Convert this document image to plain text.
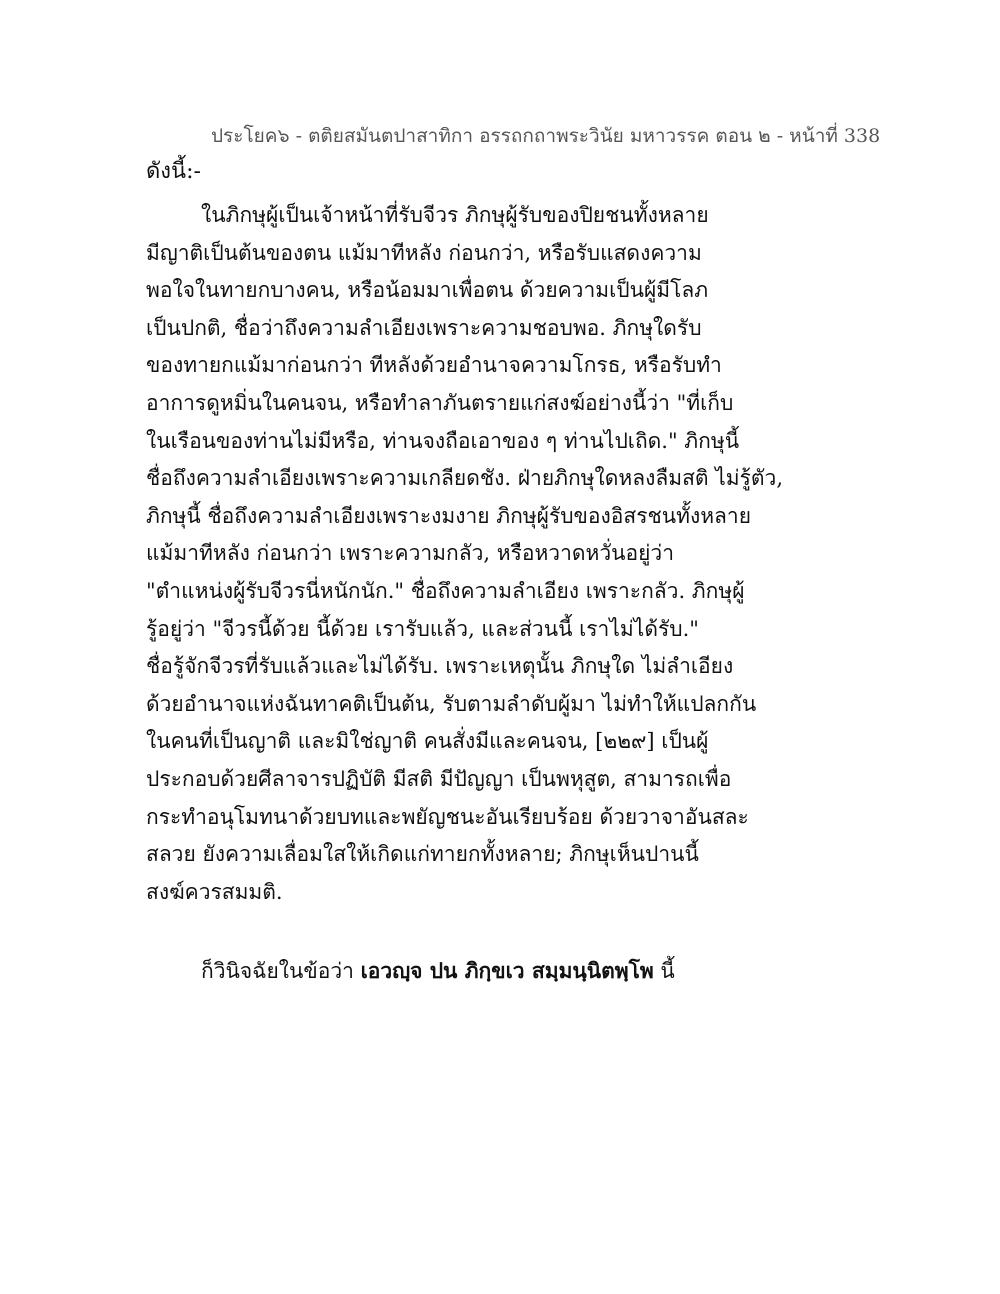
ประโยค๖ - ตติยสมันตปาสาทิกา อรรถกถาพระวินัย มหาวรรค ตอน ๒ - หน้าที่ 338
ดังนี้:-
ในภิกษุผู้เป็นเจ้าหน้าที่รับจีวร ภิกษุผู้รับของปิยชนทั้งหลาย
มีญาติเป็นต้นของตน แม้มาทีหลัง ก่อนกว่า, หรือรับแสดงความ
พอใจในทายกบางคน, หรือน้อมมาเพื่อตน ด้วยความเป็นผู้มีโลภ
เป็นปกติ, ชื่อว่าถึงความลำเอียงเพราะความชอบพอ. ภิกษุใดรับ
ของทายกแม้มาก่อนกว่า ทีหลังด้วยอำนาจความโกรธ, หรือรับทำ
อาการดูหมิ่นในคนจน, หรือทำลาภันตรายแก่สงฆ์อย่างนี้ว่า "ที่เก็บ
ในเรือนของท่านไม่มีหรือ, ท่านจงถือเอาของ ๆ ท่านไปเถิด." ภิกษุนี้
ชื่อถึงความลำเอียงเพราะความเกลียดชัง. ฝ่ายภิกษุใดหลงลืมสติ ไม่รู้ตัว,
ภิกษุนี้ ชื่อถึงความลำเอียงเพราะงมงาย ภิกษุผู้รับของอิสรชนทั้งหลาย
แม้มาทีหลัง ก่อนกว่า เพราะความกลัว, หรือหวาดหวั่นอยู่ว่า
"ตำแหน่งผู้รับจีวรนี่หนักนัก." ชื่อถึงความลำเอียง เพราะกลัว. ภิกษุผู้
รู้อยู่ว่า "จีวรนี้ด้วย นี้ด้วย เรารับแล้ว, และส่วนนี้ เราไม่ได้รับ."
ชื่อรู้จักจีวรที่รับแล้วและไม่ได้รับ. เพราะเหตุนั้น ภิกษุใด ไม่ลำเอียง
ด้วยอำนาจแห่งฉันทาคติเป็นต้น, รับตามลำดับผู้มา ไม่ทำให้แปลกกัน
ในคนที่เป็นญาติ และมิใช่ญาติ คนสั่งมีและคนจน, [๒๒๙] เป็นผู้
ประกอบด้วยศีลาจารปฏิบัติ มีสติ มีปัญญา เป็นพหุสูต, สามารถเพื่อ
กระทำอนุโมทนาด้วยบทและพยัญชนะอันเรียบร้อย ด้วยวาจาอันสละ
สลวย ยังความเลื่อมใสให้เกิดแก่ทายกทั้งหลาย; ภิกษุเห็นปานนี้
สงฆ์ควรสมมติ.
ก็วินิจฉัยในข้อว่า เอวญฺจ ปน ภิกฺขเว สมฺมนฺนิตพฺโพ นี้
